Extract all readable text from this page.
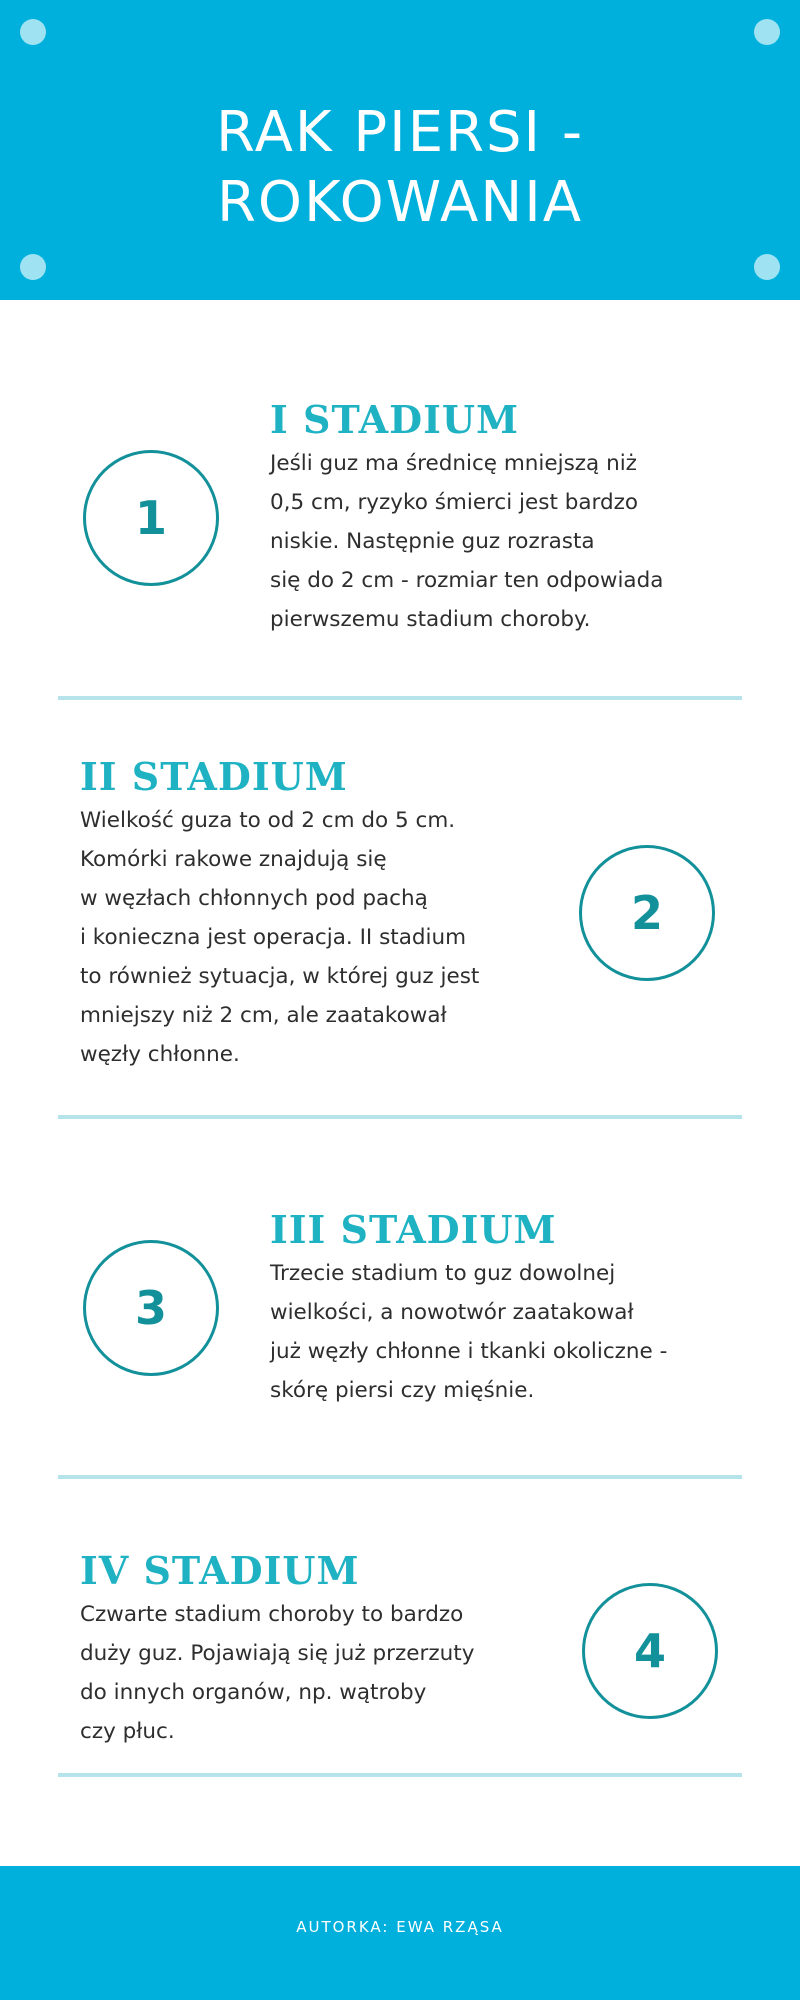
RAK PIERSI -
ROKOWANIA
1
I STADIUM
Jeśli guz ma średnicę mniejszą niż
0,5 cm, ryzyko śmierci jest bardzo
niskie. Następnie guz rozrasta
się do 2 cm - rozmiar ten odpowiada
pierwszemu stadium choroby.
II STADIUM
Wielkość guza to od 2 cm do 5 cm.
Komórki rakowe znajdują się
w węzłach chłonnych pod pachą
i konieczna jest operacja. II stadium
to również sytuacja, w której guz jest
mniejszy niż 2 cm, ale zaatakował
węzły chłonne.
2
3
III STADIUM
Trzecie stadium to guz dowolnej
wielkości, a nowotwór zaatakował
już węzły chłonne i tkanki okoliczne -
skórę piersi czy mięśnie.
IV STADIUM
Czwarte stadium choroby to bardzo
duży guz. Pojawiają się już przerzuty
do innych organów, np. wątroby
czy płuc.
4
AUTORKA: EWA RZĄSA
